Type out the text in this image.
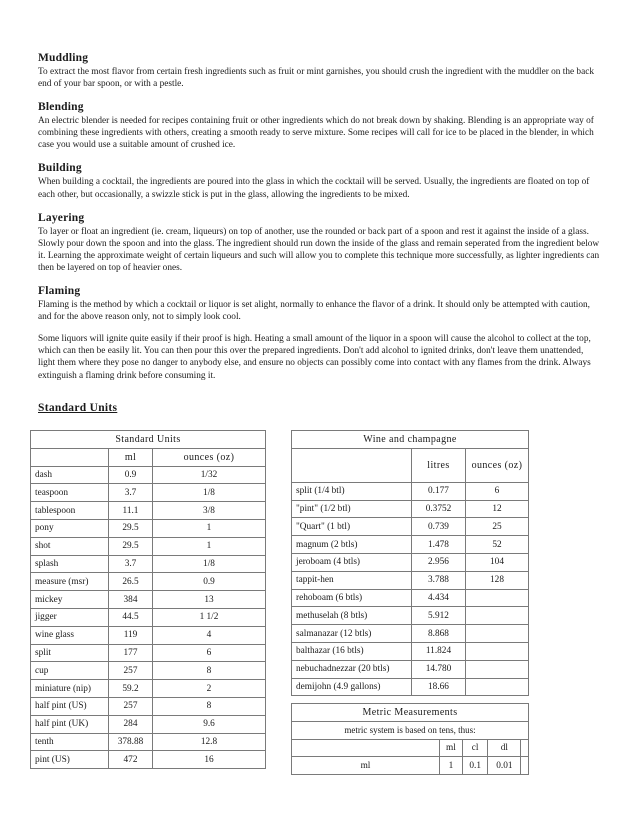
Muddling

To extract the most flavor from certain fresh ingredients such as fruit or mint garnishes, you should crush the ingredient with the muddler on the back end of your bar spoon, or with a pestle.

Blending

An electric blender is needed for recipes containing fruit or other ingredients which do not break down by shaking. Blending is an appropriate way of combining these ingredients with others, creating a smooth ready to serve mixture. Some recipes will call for ice to be placed in the blender, in which case you would use a suitable amount of crushed ice.

Building

When building a cocktail, the ingredients are poured into the glass in which the cocktail will be served. Usually, the ingredients are floated on top of each other, but occasionally, a swizzle stick is put in the glass, allowing the ingredients to be mixed.

Layering

To layer or float an ingredient (ie. cream, liqueurs) on top of another, use the rounded or back part of a spoon and rest it against the inside of a glass. Slowly pour down the spoon and into the glass. The ingredient should run down the inside of the glass and remain seperated from the ingredient below it. Learning the approximate weight of certain liqueurs and such will allow you to complete this technique more successfully, as lighter ingredients can then be layered on top of heavier ones.

Flaming

Flaming is the method by which a cocktail or liquor is set alight, normally to enhance the flavor of a drink. It should only be attempted with caution, and for the above reason only, not to simply look cool.

Some liquors will ignite quite easily if their proof is high. Heating a small amount of the liquor in a spoon will cause the alcohol to collect at the top, which can then be easily lit. You can then pour this over the prepared ingredients. Don't add alcohol to ignited drinks, don't leave them unattended, light them where they pose no danger to anybody else, and ensure no objects can possibly come into contact with any flames from the drink. Always extinguish a flaming drink before consuming it.

Standard Units
Standard Units		
	ml	ounces (oz)
dash	0.9	1/32
teaspoon	3.7	1/8
tablespoon	11.1	3/8
pony	29.5	1
shot	29.5	1
splash	3.7	1/8
measure (msr)	26.5	0.9
mickey	384	13
jigger	44.5	1 1/2
wine glass	119	4
split	177	6
cup	257	8
miniature (nip)	59.2	2
half pint (US)	257	8
half pint (UK)	284	9.6
tenth	378.88	12.8
pint (US)	472	16
Wine and champagne		
	litres	ounces (oz)
split (1/4 btl)	0.177	6
"pint" (1/2 btl)	0.3752	12
"Quart" (1 btl)	0.739	25
magnum (2 btls)	1.478	52
jeroboam (4 btls)	2.956	104
tappit-hen	3.788	128
rehoboam (6 btls)	4.434	
methuselah (8 btls)	5.912	
salmanazar (12 btls)	8.868	
balthazar (16 btls)	11.824	
nebuchadnezzar (20 btls)	14.780	
demijohn (4.9 gallons)	18.66	
Metric Measurements				
metric system is based on tens, thus:				
	ml	cl	dl	
ml	1	0.1	0.01	
